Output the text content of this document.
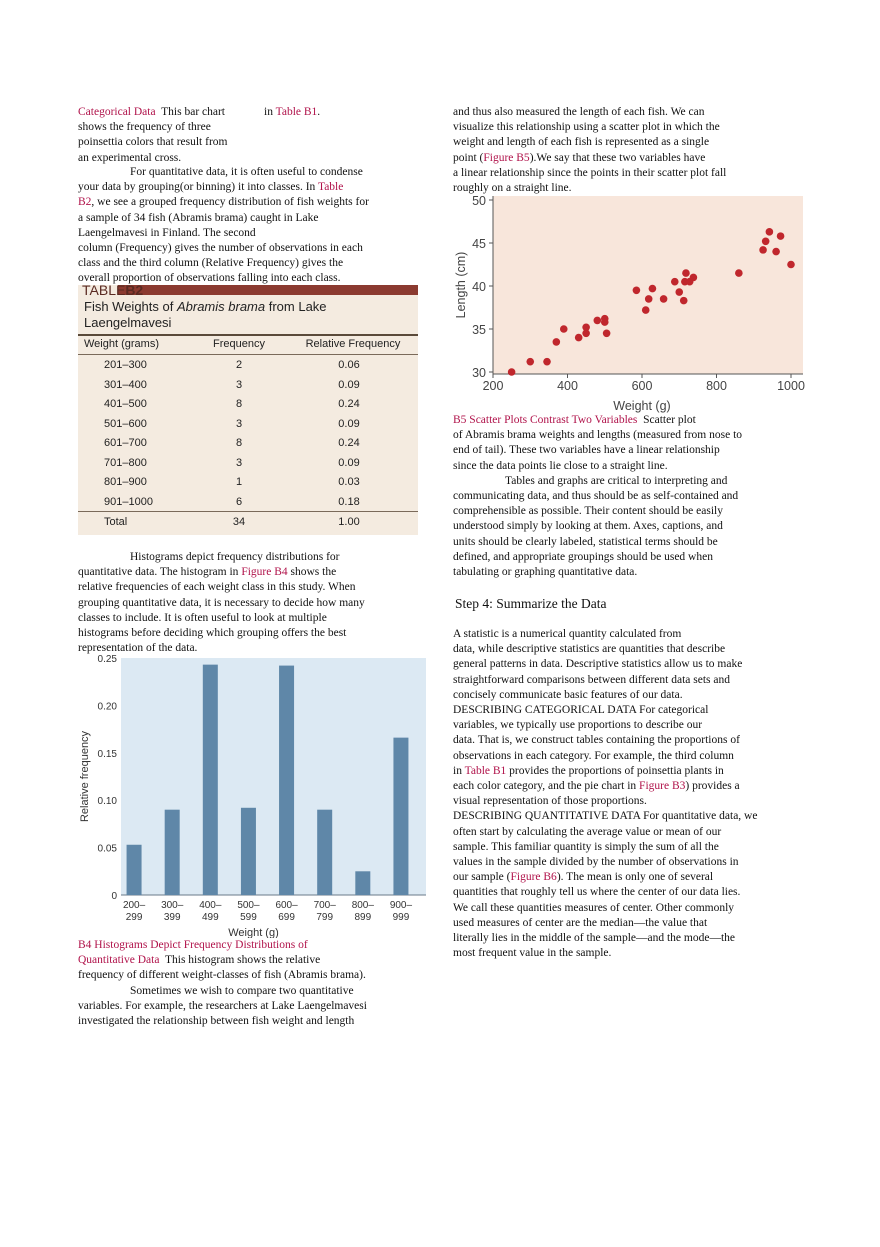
Categorical Data This bar chart

shows the frequency of three

poinsettia colors that result from

an experimental cross.

in Table B1.

For quantitative data, it is often useful to condense

your data by grouping(or binning) it into classes. In Table

B2, we see a grouped frequency distribution of fish weights for

a sample of 34 fish (Abramis brama) caught in Lake

Laengelmavesi in Finland. The second

column (Frequency) gives the number of observations in each

class and the third column (Relative Frequency) gives the

overall proportion of observations falling into each class.

TABLEB2
Fish Weights of Abramis brama from Lake
Laengelmavesi
Weight (grams)	Frequency	Relative Frequency
201–300	2	0.06
301–400	3	0.09
401–500	8	0.24
501–600	3	0.09
601–700	8	0.24
701–800	3	0.09
801–900	1	0.03
901–1000	6	0.18
Total	34	1.00

Histograms depict frequency distributions for

quantitative data. The histogram in Figure B4 shows the

relative frequencies of each weight class in this study. When

grouping quantitative data, it is necessary to decide how many

classes to include. It is often useful to look at multiple

histograms before deciding which grouping offers the best

representation of the data.

0
0.05
0.10
0.15
0.20
0.25
200–
299
300–
399
400–
499
500–
599
600–
699
700–
799
800–
899
900–
999
Weight (g)
Relative frequency

B4 Histograms Depict Frequency Distributions of

Quantitative Data This histogram shows the relative

frequency of different weight-classes of fish (Abramis brama).

Sometimes we wish to compare two quantitative

variables. For example, the researchers at Lake Laengelmavesi

investigated the relationship between fish weight and length

and thus also measured the length of each fish. We can

visualize this relationship using a scatter plot in which the

weight and length of each fish is represented as a single

point (Figure B5).We say that these two variables have

a linear relationship since the points in their scatter plot fall

roughly on a straight line.

30
35
40
45
50
200	400	600	800	1000
Weight (g)
Length (cm)

B5 Scatter Plots Contrast Two Variables Scatter plot

of Abramis brama weights and lengths (measured from nose to

end of tail). These two variables have a linear relationship

since the data points lie close to a straight line.

Tables and graphs are critical to interpreting and

communicating data, and thus should be as self-contained and

comprehensible as possible. Their content should be easily

understood simply by looking at them. Axes, captions, and

units should be clearly labeled, statistical terms should be

defined, and appropriate groupings should be used when

tabulating or graphing quantitative data.

Step 4: Summarize the Data

A statistic is a numerical quantity calculated from

data, while descriptive statistics are quantities that describe

general patterns in data. Descriptive statistics allow us to make

straightforward comparisons between different data sets and

concisely communicate basic features of our data.

DESCRIBING CATEGORICAL DATA For categorical

variables, we typically use proportions to describe our

data. That is, we construct tables containing the proportions of

observations in each category. For example, the third column

in Table B1 provides the proportions of poinsettia plants in

each color category, and the pie chart in Figure B3) provides a

visual representation of those proportions.

DESCRIBING QUANTITATIVE DATA For quantitative data, we

often start by calculating the average value or mean of our

sample. This familiar quantity is simply the sum of all the

values in the sample divided by the number of observations in

our sample (Figure B6). The mean is only one of several

quantities that roughly tell us where the center of our data lies.

We call these quantities measures of center. Other commonly

used measures of center are the median—the value that

literally lies in the middle of the sample—and the mode—the

most frequent value in the sample.
